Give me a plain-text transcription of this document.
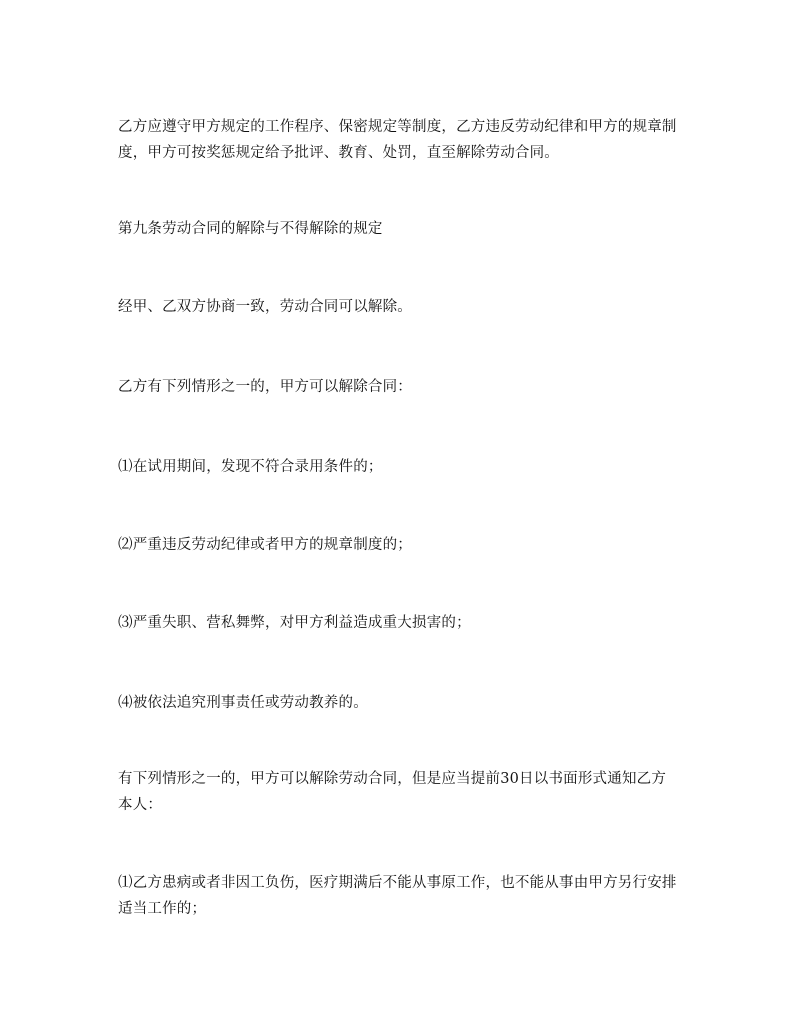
乙方应遵守甲方规定的工作程序、保密规定等制度，乙方违反劳动纪律和甲方的规章制度，甲方可按奖惩规定给予批评、教育、处罚，直至解除劳动合同。

第九条劳动合同的解除与不得解除的规定

经甲、乙双方协商一致，劳动合同可以解除。

乙方有下列情形之一的，甲方可以解除合同：

⑴在试用期间，发现不符合录用条件的；

⑵严重违反劳动纪律或者甲方的规章制度的；

⑶严重失职、营私舞弊，对甲方利益造成重大损害的；

⑷被依法追究刑事责任或劳动教养的。

有下列情形之一的，甲方可以解除劳动合同，但是应当提前30日以书面形式通知乙方本人：

⑴乙方患病或者非因工负伤，医疗期满后不能从事原工作，也不能从事由甲方另行安排适当工作的；
